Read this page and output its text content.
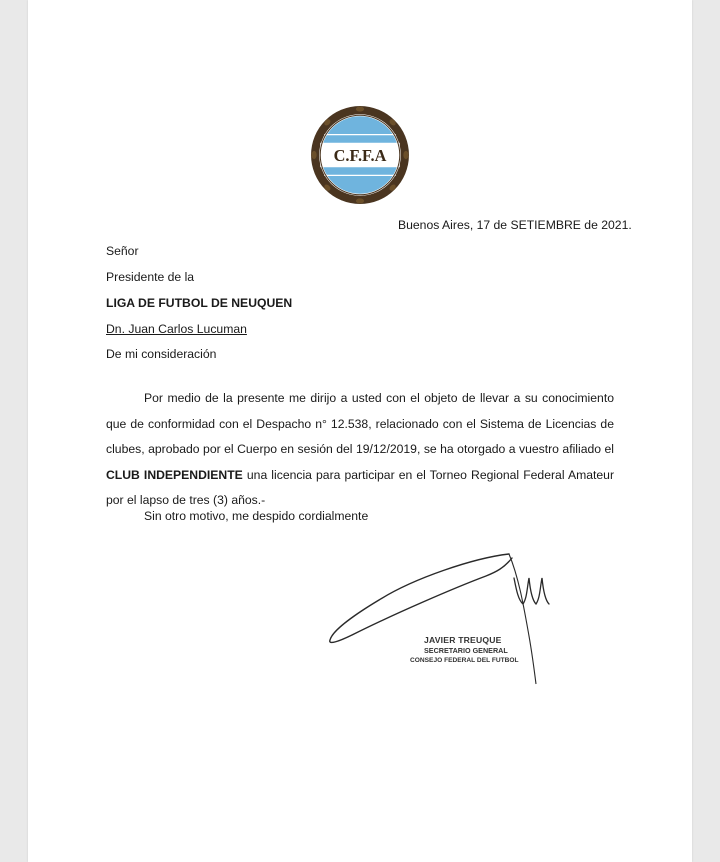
C.F.F.A
Buenos Aires, 17 de SETIEMBRE de 2021.
Señor
Presidente de la
LIGA DE FUTBOL DE NEUQUEN
Dn. Juan Carlos Lucuman
De mi consideración

Por medio de la presente me dirijo a usted con el objeto de llevar a su conocimiento que de conformidad con el Despacho n° 12.538, relacionado con el Sistema de Licencias de clubes, aprobado por el Cuerpo en sesión del 19/12/2019, se ha otorgado a vuestro afiliado el CLUB INDEPENDIENTE una licencia para participar en el Torneo Regional Federal Amateur por el lapso de tres (3) años.-

Sin otro motivo, me despido cordialmente
JAVIER TREUQUE
SECRETARIO GENERAL
CONSEJO FEDERAL DEL FUTBOL
